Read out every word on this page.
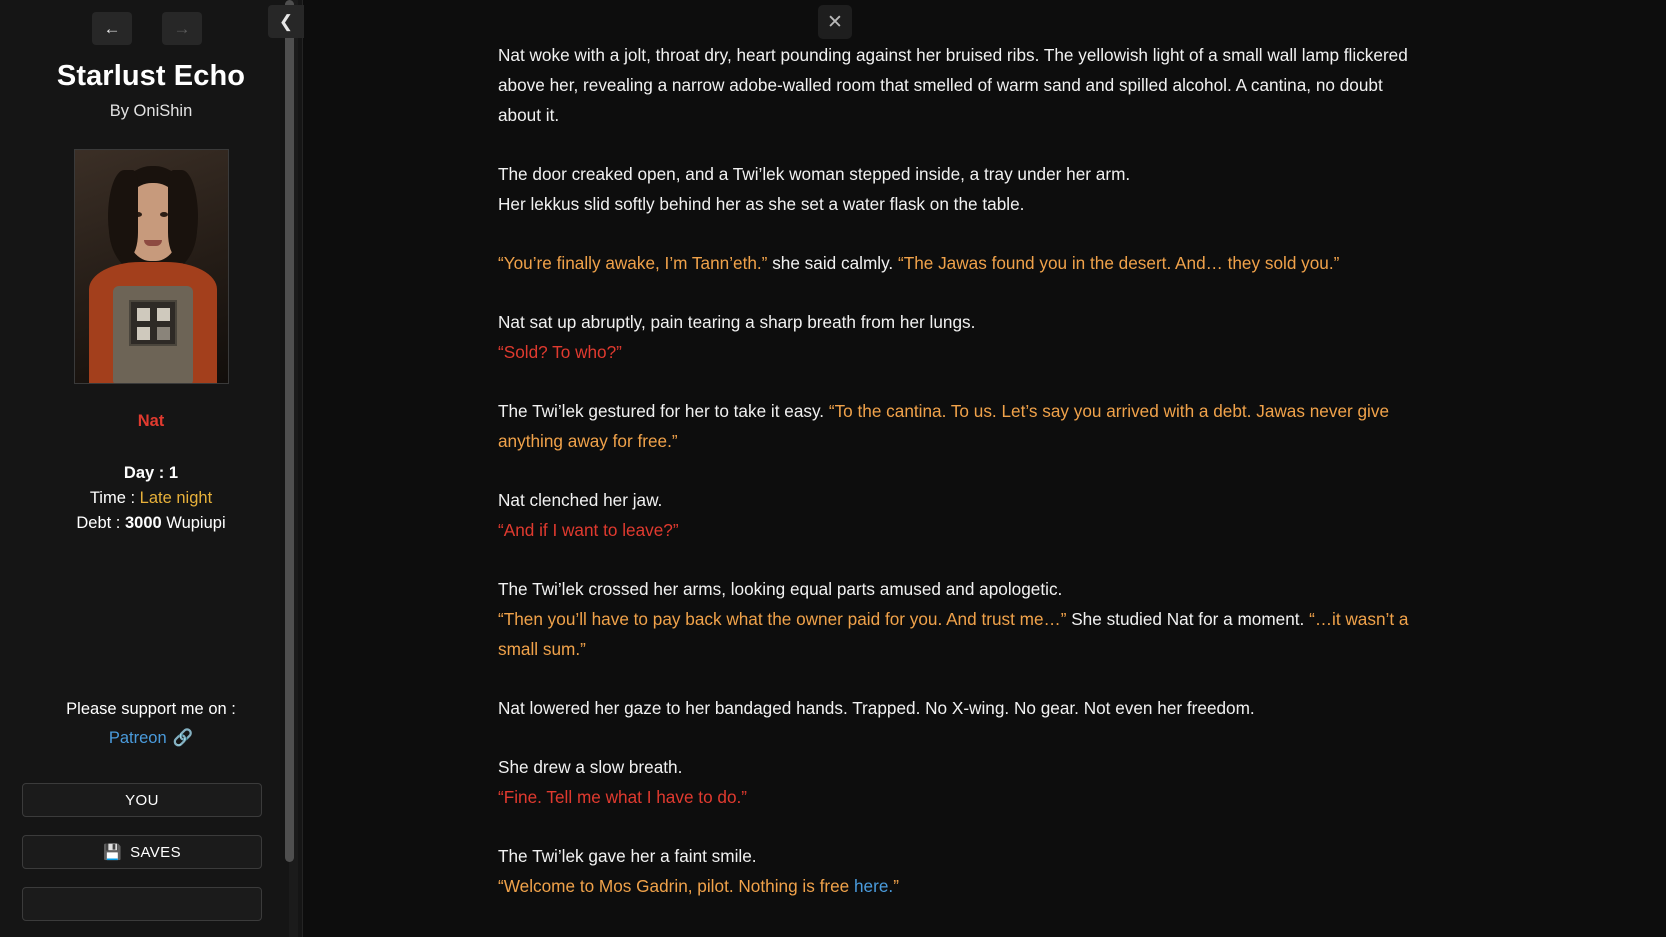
←	→	❮
Starlust Echo
By OniShin
Nat
Day : 1
Time : Late night
Debt : 3000 Wupiupi
Please support me on :
Patreon 🔗
YOU
💾 SAVES
✕

Nat woke with a jolt, throat dry, heart pounding against her bruised ribs. The yellowish light of a small wall lamp flickered above her, revealing a narrow adobe-walled room that smelled of warm sand and spilled alcohol. A cantina, no doubt about it.

The door creaked open, and a Twi’lek woman stepped inside, a tray under her arm.
Her lekkus slid softly behind her as she set a water flask on the table.

“You’re finally awake, I’m Tann’eth.” she said calmly. “The Jawas found you in the desert. And… they sold you.”

Nat sat up abruptly, pain tearing a sharp breath from her lungs.
“Sold? To who?”

The Twi’lek gestured for her to take it easy. “To the cantina. To us. Let’s say you arrived with a debt. Jawas never give anything away for free.”

Nat clenched her jaw.
“And if I want to leave?”

The Twi’lek crossed her arms, looking equal parts amused and apologetic.
“Then you’ll have to pay back what the owner paid for you. And trust me…” She studied Nat for a moment. “…it wasn’t a small sum.”

Nat lowered her gaze to her bandaged hands. Trapped. No X-wing. No gear. Not even her freedom.

She drew a slow breath.
“Fine. Tell me what I have to do.”

The Twi’lek gave her a faint smile.
“Welcome to Mos Gadrin, pilot. Nothing is free here.”
